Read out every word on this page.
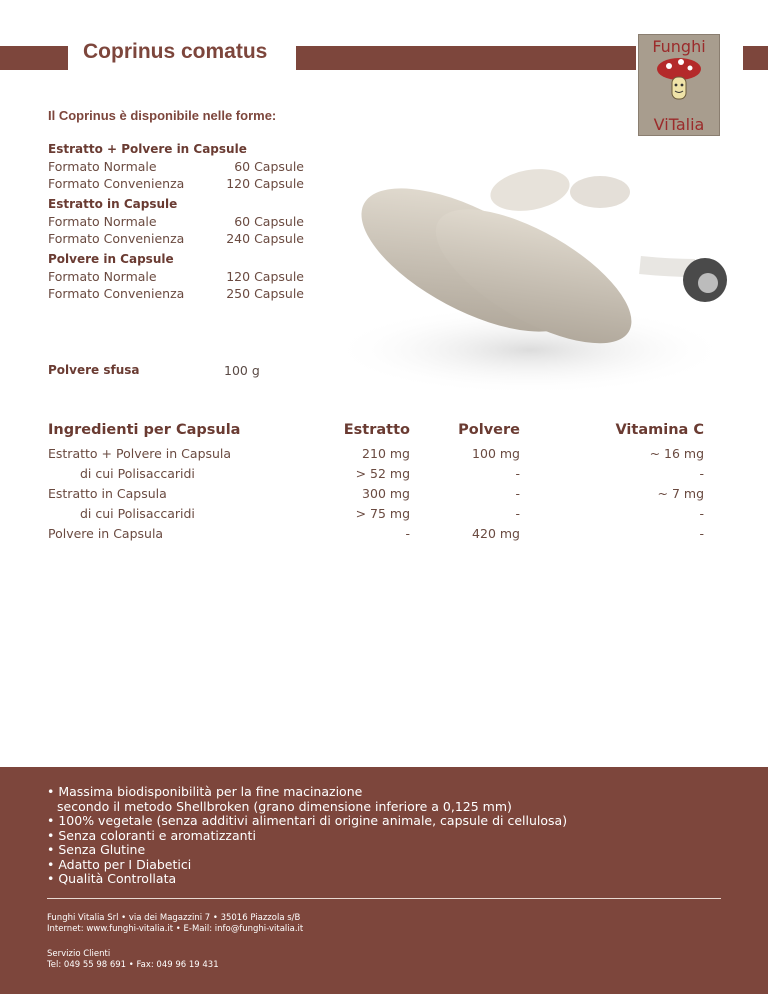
Coprinus comatus	Funghi
ViTalia
Il Coprinus è disponibile nelle forme:
Estratto + Polvere in Capsule
Formato Normale	60 Capsule
Formato Convenienza	120 Capsule
Estratto in Capsule
Formato Normale	60 Capsule
Formato Convenienza	240 Capsule
Polvere in Capsule
Formato Normale	120 Capsule
Formato Convenienza	250 Capsule
Polvere sfusa	100 g
Ingredienti per Capsula	Estratto	Polvere	Vitamina C
Estratto + Polvere in Capsula	210 mg	100 mg	~ 16 mg
di cui Polisaccaridi	> 52 mg	-	-
Estratto in Capsula	300 mg	-	~ 7 mg
di cui Polisaccaridi	> 75 mg	-	-
Polvere in Capsula	-	420 mg	-
• Massima biodisponibilità per la fine macinazione
secondo il metodo Shellbroken (grano dimensione inferiore a 0,125 mm)
• 100% vegetale (senza additivi alimentari di origine animale, capsule di cellulosa)
• Senza coloranti e aromatizzanti
• Senza Glutine
• Adatto per I Diabetici
• Qualità Controllata
Funghi Vitalia Srl • via dei Magazzini 7 • 35016 Piazzola s/B
Internet: www.funghi-vitalia.it • E-Mail: info@funghi-vitalia.it
Servizio Clienti
Tel: 049 55 98 691 • Fax: 049 96 19 431
